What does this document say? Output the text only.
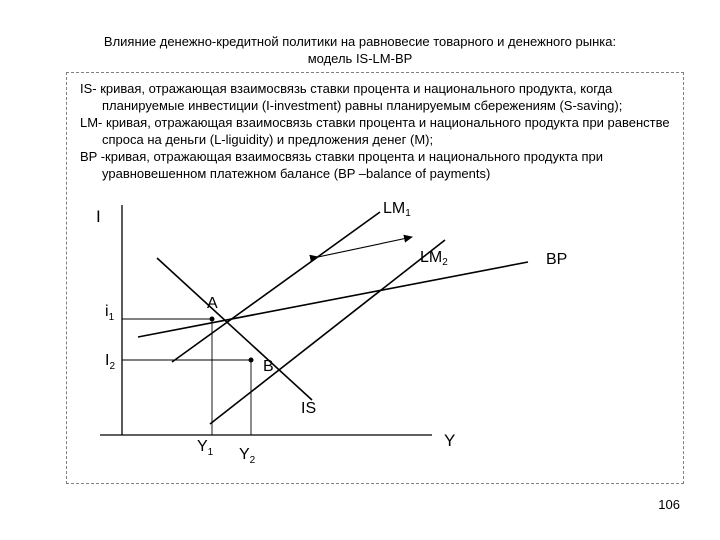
Влияние денежно-кредитной политики на равновесие товарного и денежного рынка:
модель IS-LM-BP

IS- кривая, отражающая взаимосвязь ставки процента и национального продукта, когда планируемые инвестиции (I-investment) равны планируемым сбережениям (S-saving);

LM- кривая, отражающая взаимосвязь ставки процента и национального продукта при равенстве спроса на деньги (L-liguidity) и предложения денег (M);

BP -кривая, отражающая взаимосвязь ставки процента и национального продукта при уравновешенном платежном балансе (BP –balance of payments)

I
Y
LM1
LM2	BP
IS
A
B
$i_1$
$I_2$
$Y_1$ $Y_2$
106
